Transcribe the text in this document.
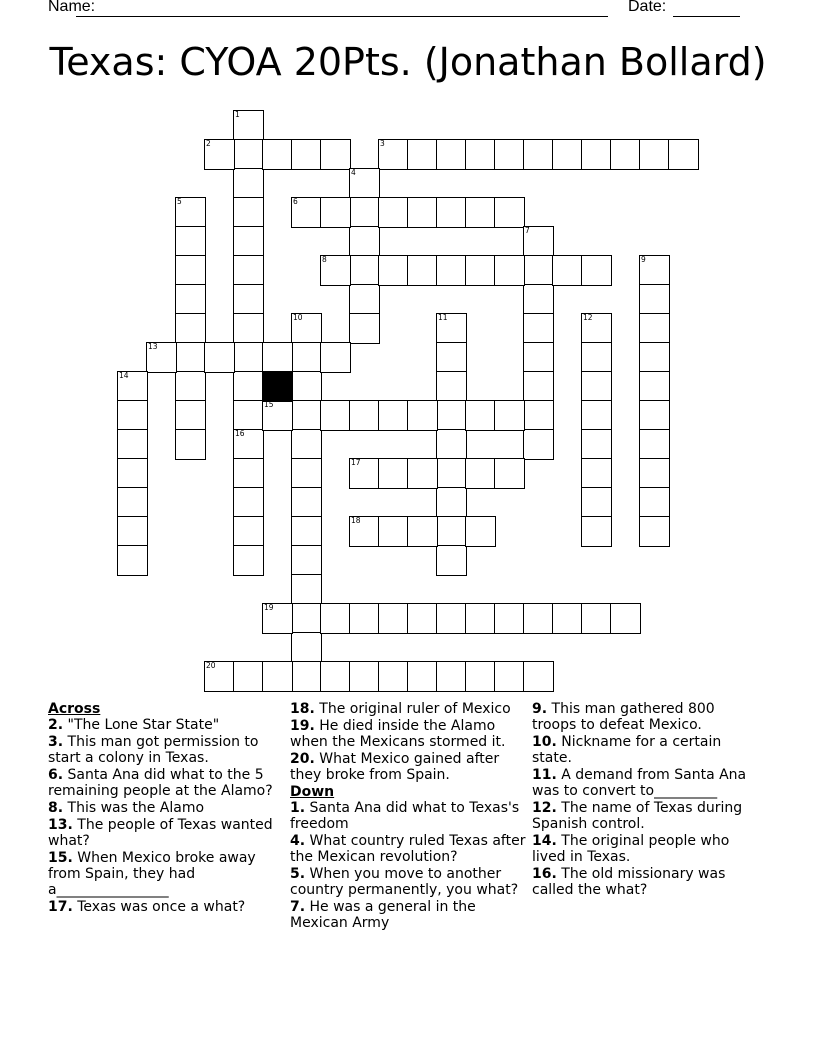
Name:	Date:
Texas: CYOA 20Pts. (Jonathan Bollard)
1
2	3
4
5	6
7
8	9
10	11	12
13
14
15
16
17
18
19
20
Across
2. "The Lone Star State"
3. This man got permission to start a colony in Texas.
6. Santa Ana did what to the 5 remaining people at the Alamo?
8. This was the Alamo
13. The people of Texas wanted what?
15. When Mexico broke away from Spain, they had a________________
17. Texas was once a what?
18. The original ruler of Mexico
19. He died inside the Alamo when the Mexicans stormed it.
20. What Mexico gained after they broke from Spain.
Down
1. Santa Ana did what to Texas's freedom
4. What country ruled Texas after the Mexican revolution?
5. When you move to another country permanently, you what?
7. He was a general in the Mexican Army
9. This man gathered 800 troops to defeat Mexico.
10. Nickname for a certain state.
11. A demand from Santa Ana was to convert to_________
12. The name of Texas during Spanish control.
14. The original people who lived in Texas.
16. The old missionary was called the what?
